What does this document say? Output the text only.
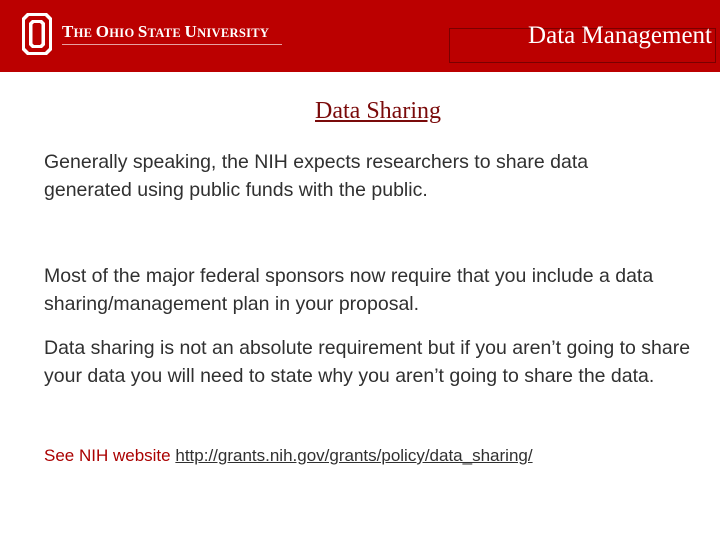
THE OHIO STATE UNIVERSITY	Data Management
Data Sharing

Generally speaking, the NIH expects researchers to share data generated using public funds with the public.

Most of the major federal sponsors now require that you include a data sharing/management plan in your proposal.

Data sharing is not an absolute requirement but if you aren’t going to share your data you will need to state why you aren’t going to share the data.

See NIH website http://grants.nih.gov/grants/policy/data_sharing/
